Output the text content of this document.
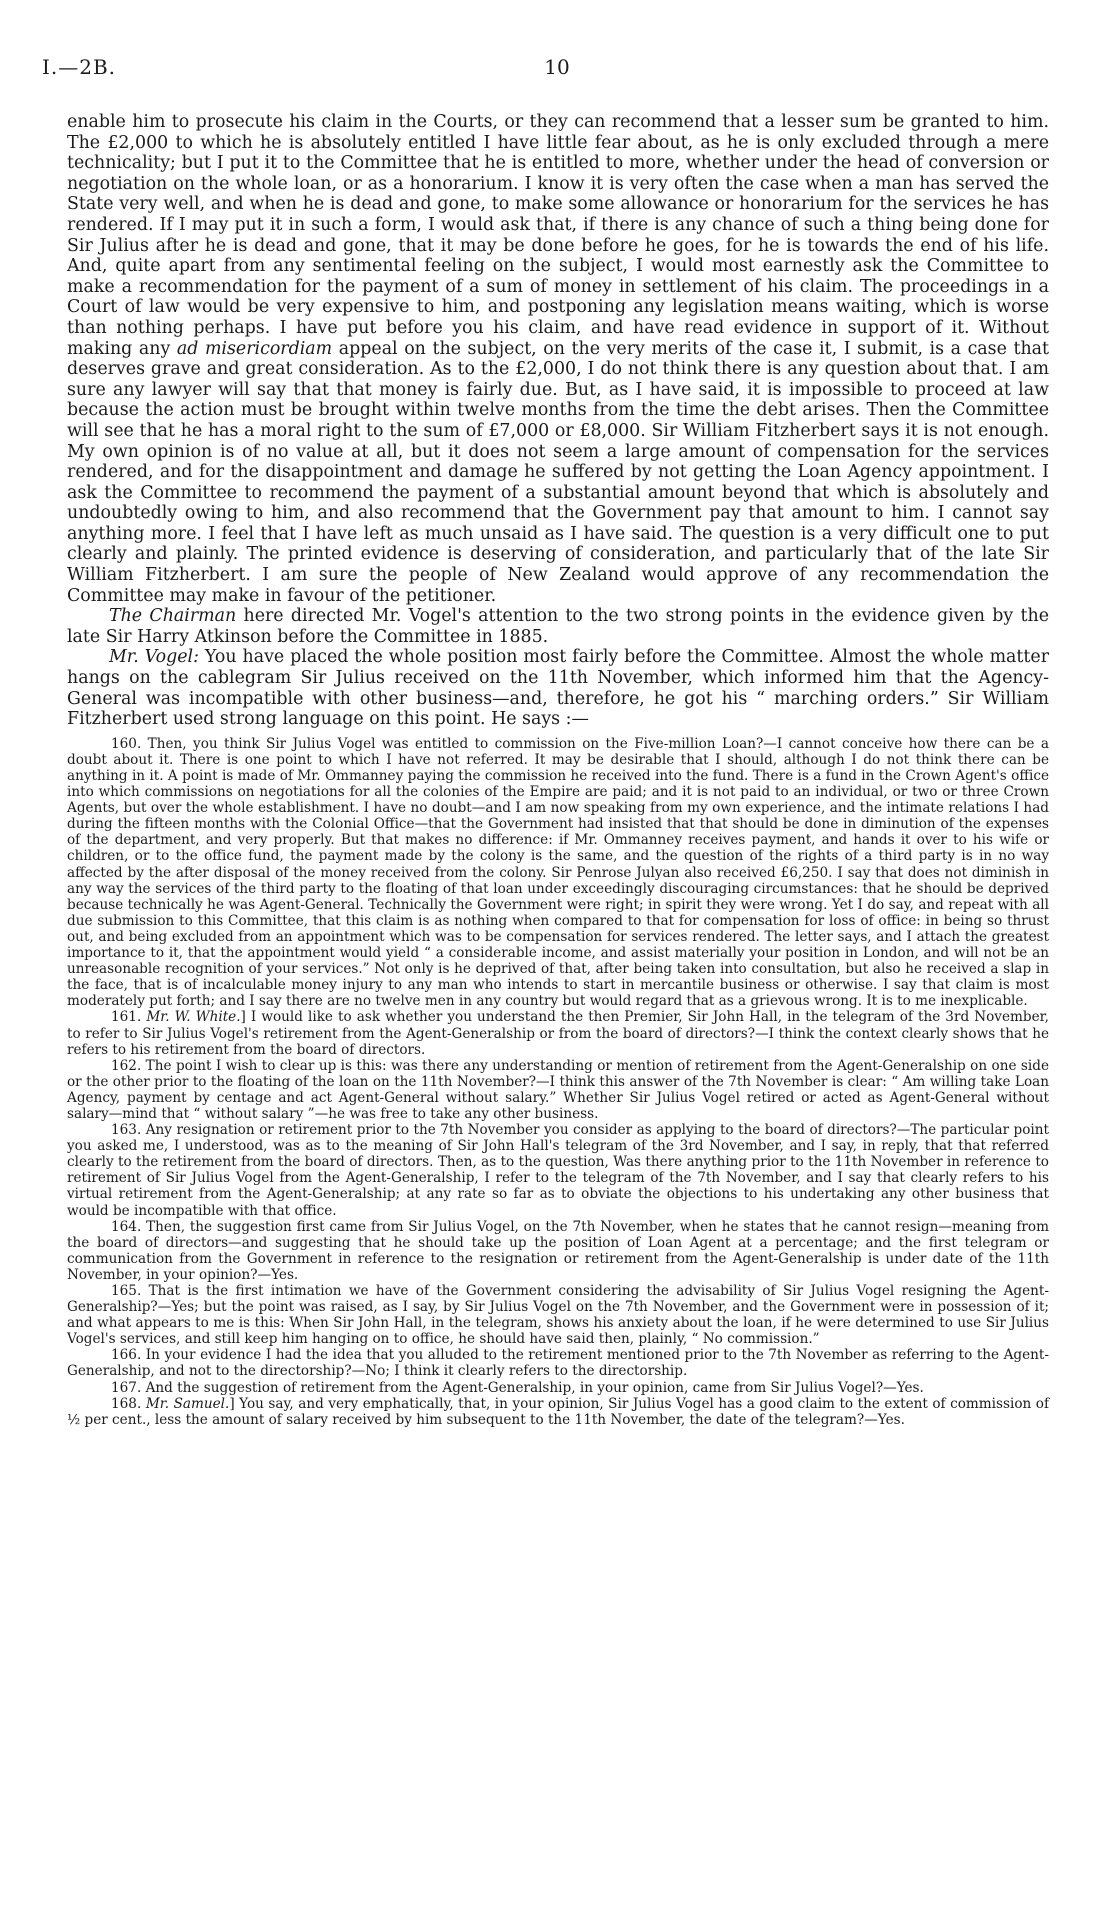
I.—2B.	10

enable him to prosecute his claim in the Courts, or they can recommend that a lesser sum be granted to him. The £2,000 to which he is absolutely entitled I have little fear about, as he is only excluded through a mere technicality; but I put it to the Committee that he is entitled to more, whether under the head of conversion or negotiation on the whole loan, or as a honorarium. I know it is very often the case when a man has served the State very well, and when he is dead and gone, to make some allowance or honorarium for the services he has rendered. If I may put it in such a form, I would ask that, if there is any chance of such a thing being done for Sir Julius after he is dead and gone, that it may be done before he goes, for he is towards the end of his life. And, quite apart from any sentimental feeling on the subject, I would most earnestly ask the Committee to make a recommendation for the payment of a sum of money in settlement of his claim. The proceedings in a Court of law would be very expensive to him, and postponing any legislation means waiting, which is worse than nothing perhaps. I have put before you his claim, and have read evidence in support of it. Without making any ad misericordiam appeal on the subject, on the very merits of the case it, I submit, is a case that deserves grave and great consideration. As to the £2,000, I do not think there is any question about that. I am sure any lawyer will say that that money is fairly due. But, as I have said, it is impossible to proceed at law because the action must be brought within twelve months from the time the debt arises. Then the Committee will see that he has a moral right to the sum of £7,000 or £8,000. Sir William Fitzherbert says it is not enough. My own opinion is of no value at all, but it does not seem a large amount of compensation for the services rendered, and for the disappointment and damage he suffered by not getting the Loan Agency appointment. I ask the Committee to recommend the payment of a substantial amount beyond that which is absolutely and undoubtedly owing to him, and also recommend that the Government pay that amount to him. I cannot say anything more. I feel that I have left as much unsaid as I have said. The question is a very difficult one to put clearly and plainly. The printed evidence is deserving of consideration, and particularly that of the late Sir William Fitzherbert. I am sure the people of New Zealand would approve of any recommendation the Committee may make in favour of the petitioner.

The Chairman here directed Mr. Vogel's attention to the two strong points in the evidence given by the late Sir Harry Atkinson before the Committee in 1885.

Mr. Vogel: You have placed the whole position most fairly before the Committee. Almost the whole matter hangs on the cablegram Sir Julius received on the 11th November, which informed him that the Agency-General was incompatible with other business—and, therefore, he got his “ marching orders.” Sir William Fitzherbert used strong language on this point. He says :—

160. Then, you think Sir Julius Vogel was entitled to commission on the Five-million Loan?—I cannot conceive how there can be a doubt about it. There is one point to which I have not referred. It may be desirable that I should, although I do not think there can be anything in it. A point is made of Mr. Ommanney paying the commission he received into the fund. There is a fund in the Crown Agent's office into which commissions on negotiations for all the colonies of the Empire are paid; and it is not paid to an individual, or two or three Crown Agents, but over the whole establishment. I have no doubt—and I am now speaking from my own experience, and the intimate relations I had during the fifteen months with the Colonial Office—that the Government had insisted that that should be done in diminution of the expenses of the department, and very properly. But that makes no difference: if Mr. Ommanney receives payment, and hands it over to his wife or children, or to the office fund, the payment made by the colony is the same, and the question of the rights of a third party is in no way affected by the after disposal of the money received from the colony. Sir Penrose Julyan also received £6,250. I say that does not diminish in any way the services of the third party to the floating of that loan under exceedingly discouraging circumstances: that he should be deprived because technically he was Agent-General. Technically the Government were right; in spirit they were wrong. Yet I do say, and repeat with all due submission to this Committee, that this claim is as nothing when compared to that for compensation for loss of office: in being so thrust out, and being excluded from an appointment which was to be compensation for services rendered. The letter says, and I attach the greatest importance to it, that the appointment would yield “ a considerable income, and assist materially your position in London, and will not be an unreasonable recognition of your services.” Not only is he deprived of that, after being taken into consultation, but also he received a slap in the face, that is of incalculable money injury to any man who intends to start in mercantile business or otherwise. I say that claim is most moderately put forth; and I say there are no twelve men in any country but would regard that as a grievous wrong. It is to me inexplicable.

161. Mr. W. White.] I would like to ask whether you understand the then Premier, Sir John Hall, in the telegram of the 3rd November, to refer to Sir Julius Vogel's retirement from the Agent-Generalship or from the board of directors?—I think the context clearly shows that he refers to his retirement from the board of directors.

162. The point I wish to clear up is this: was there any understanding or mention of retirement from the Agent-Generalship on one side or the other prior to the floating of the loan on the 11th November?—I think this answer of the 7th November is clear: “ Am willing take Loan Agency, payment by centage and act Agent-General without salary.” Whether Sir Julius Vogel retired or acted as Agent-General without salary—mind that “ without salary ”—he was free to take any other business.

163. Any resignation or retirement prior to the 7th November you consider as applying to the board of directors?—The particular point you asked me, I understood, was as to the meaning of Sir John Hall's telegram of the 3rd November, and I say, in reply, that that referred clearly to the retirement from the board of directors. Then, as to the question, Was there anything prior to the 11th November in reference to retirement of Sir Julius Vogel from the Agent-Generalship, I refer to the telegram of the 7th November, and I say that clearly refers to his virtual retirement from the Agent-Generalship; at any rate so far as to obviate the objections to his undertaking any other business that would be incompatible with that office.

164. Then, the suggestion first came from Sir Julius Vogel, on the 7th November, when he states that he cannot resign—meaning from the board of directors—and suggesting that he should take up the position of Loan Agent at a percentage; and the first telegram or communication from the Government in reference to the resignation or retirement from the Agent-Generalship is under date of the 11th November, in your opinion?—Yes.

165. That is the first intimation we have of the Government considering the advisability of Sir Julius Vogel resigning the Agent-Generalship?—Yes; but the point was raised, as I say, by Sir Julius Vogel on the 7th November, and the Government were in possession of it; and what appears to me is this: When Sir John Hall, in the telegram, shows his anxiety about the loan, if he were determined to use Sir Julius Vogel's services, and still keep him hanging on to office, he should have said then, plainly, “ No commission.”

166. In your evidence I had the idea that you alluded to the retirement mentioned prior to the 7th November as referring to the Agent-Generalship, and not to the directorship?—No; I think it clearly refers to the directorship.

167. And the suggestion of retirement from the Agent-Generalship, in your opinion, came from Sir Julius Vogel?—Yes.

168. Mr. Samuel.] You say, and very emphatically, that, in your opinion, Sir Julius Vogel has a good claim to the extent of commission of ½ per cent., less the amount of salary received by him subsequent to the 11th November, the date of the telegram?—Yes.
